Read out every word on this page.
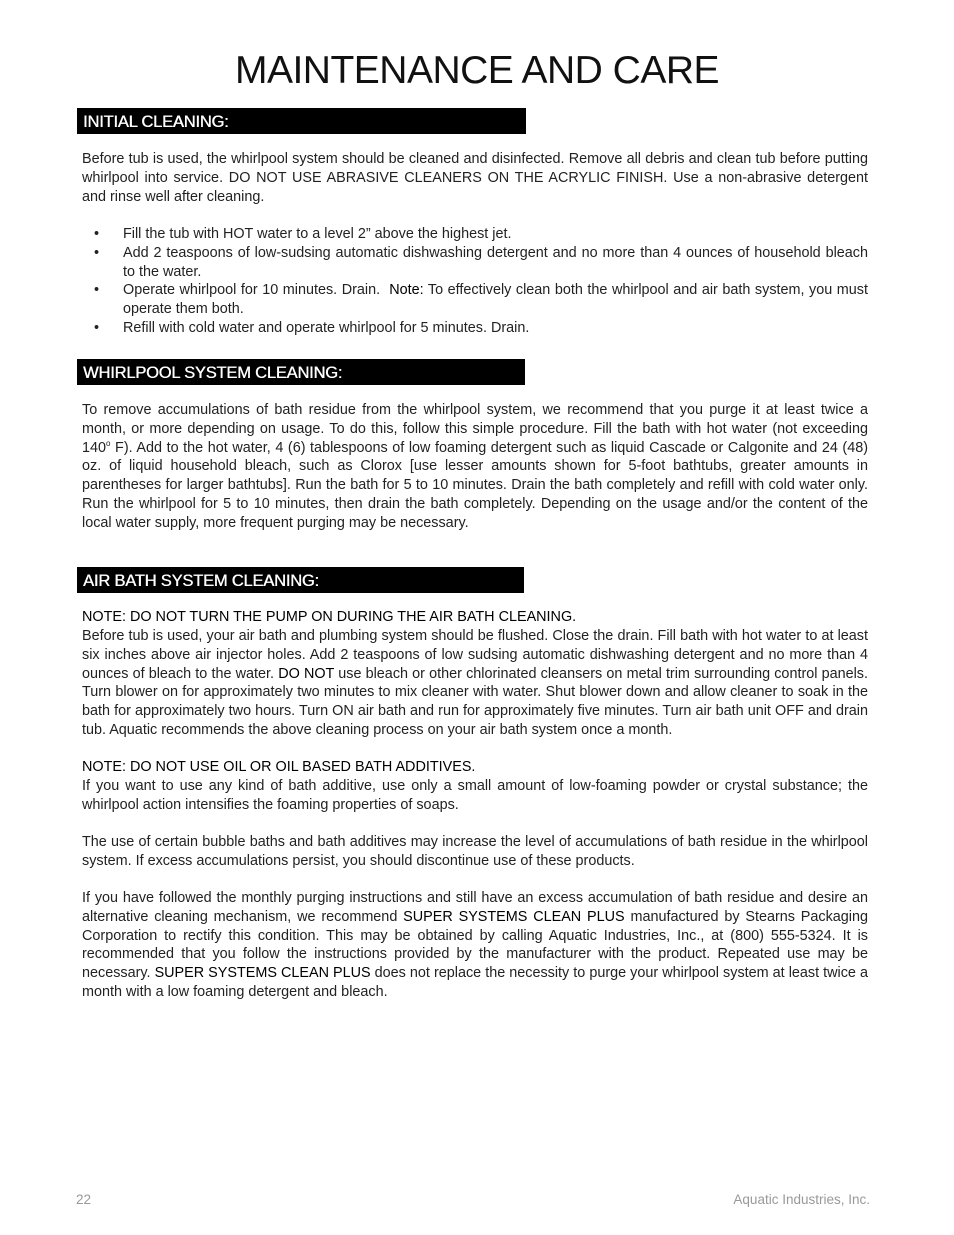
MAINTENANCE AND CARE
INITIAL CLEANING:

Before tub is used, the whirlpool system should be cleaned and disinfected. Remove all debris and clean tub before putting whirlpool into service. DO NOT USE ABRASIVE CLEANERS ON THE ACRYLIC FINISH. Use a non-abrasive detergent and rinse well after cleaning.

• Fill the tub with HOT water to a level 2” above the highest jet.
• Add 2 teaspoons of low-sudsing automatic dishwashing detergent and no more than 4 ounces of household bleach to the water.
• Operate whirlpool for 10 minutes. Drain. Note: To effectively clean both the whirlpool and air bath system, you must operate them both.
• Refill with cold water and operate whirlpool for 5 minutes. Drain.
WHIRLPOOL SYSTEM CLEANING:

To remove accumulations of bath residue from the whirlpool system, we recommend that you purge it at least twice a month, or more depending on usage. To do this, follow this simple procedure. Fill the bath with hot water (not exceeding 140$^o$ F). Add to the hot water, 4 (6) tablespoons of low foaming detergent such as liquid Cascade or Calgonite and 24 (48) oz. of liquid household bleach, such as Clorox [use lesser amounts shown for 5-foot bathtubs, greater amounts in parentheses for larger bathtubs]. Run the bath for 5 to 10 minutes. Drain the bath completely and refill with cold water only. Run the whirlpool for 5 to 10 minutes, then drain the bath completely. Depending on the usage and/or the content of the local water supply, more frequent purging may be necessary.

AIR BATH SYSTEM CLEANING:
NOTE: DO NOT TURN THE PUMP ON DURING THE AIR BATH CLEANING.

Before tub is used, your air bath and plumbing system should be flushed. Close the drain. Fill bath with hot water to at least six inches above air injector holes. Add 2 teaspoons of low sudsing automatic dishwashing detergent and no more than 4 ounces of bleach to the water. DO NOT use bleach or other chlorinated cleansers on metal trim surrounding control panels. Turn blower on for approximately two minutes to mix cleaner with water. Shut blower down and allow cleaner to soak in the bath for approximately two hours. Turn ON air bath and run for approximately five minutes. Turn air bath unit OFF and drain tub. Aquatic recommends the above cleaning process on your air bath system once a month.

NOTE: DO NOT USE OIL OR OIL BASED BATH ADDITIVES.

If you want to use any kind of bath additive, use only a small amount of low-foaming powder or crystal substance; the whirlpool action intensifies the foaming properties of soaps.

The use of certain bubble baths and bath additives may increase the level of accumulations of bath residue in the whirlpool system. If excess accumulations persist, you should discontinue use of these products.

If you have followed the monthly purging instructions and still have an excess accumulation of bath residue and desire an alternative cleaning mechanism, we recommend SUPER SYSTEMS CLEAN PLUS manufactured by Stearns Packaging Corporation to rectify this condition. This may be obtained by calling Aquatic Industries, Inc., at (800) 555-5324. It is recommended that you follow the instructions provided by the manufacturer with the product. Repeated use may be necessary. SUPER SYSTEMS CLEAN PLUS does not replace the necessity to purge your whirlpool system at least twice a month with a low foaming detergent and bleach.

22	Aquatic Industries, Inc.
